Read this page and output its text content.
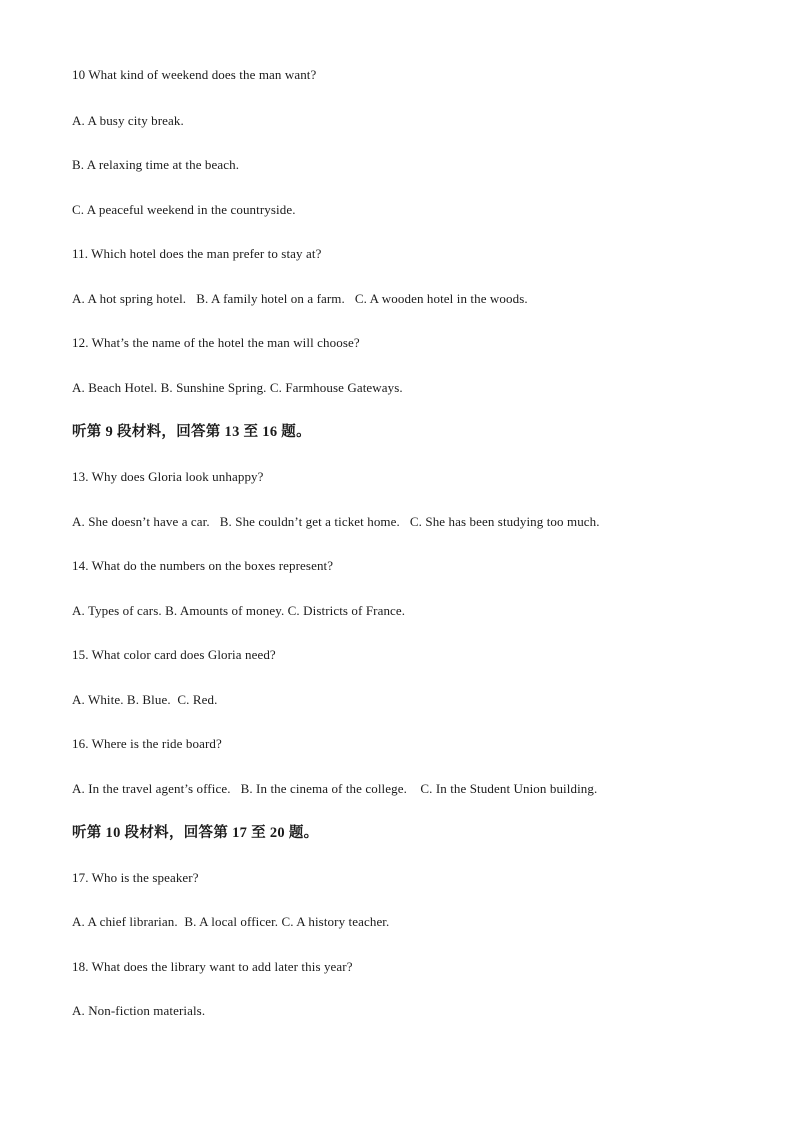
10 What kind of weekend does the man want?
A. A busy city break.
B. A relaxing time at the beach.
C. A peaceful weekend in the countryside.
11. Which hotel does the man prefer to stay at?
A. A hot spring hotel.   B. A family hotel on a farm.   C. A wooden hotel in the woods.
12. What’s the name of the hotel the man will choose?
A. Beach Hotel. B. Sunshine Spring. C. Farmhouse Gateways.
听第 9 段材料，回答第 13 至 16 题。
13. Why does Gloria look unhappy?
A. She doesn’t have a car.   B. She couldn’t get a ticket home.   C. She has been studying too much.
14. What do the numbers on the boxes represent?
A. Types of cars. B. Amounts of money. C. Districts of France.
15. What color card does Gloria need?
A. White. B. Blue.  C. Red.
16. Where is the ride board?
A. In the travel agent’s office.   B. In the cinema of the college.    C. In the Student Union building.
听第 10 段材料，回答第 17 至 20 题。
17. Who is the speaker?
A. A chief librarian.  B. A local officer. C. A history teacher.
18. What does the library want to add later this year?
A. Non-fiction materials.
